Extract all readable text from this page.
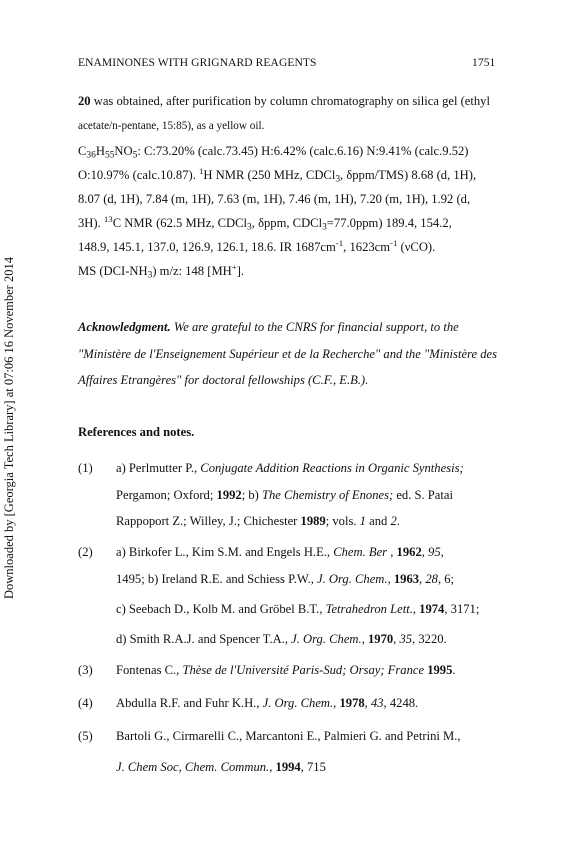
ENAMINONES WITH GRIGNARD REAGENTS	1751
Downloaded by [Georgia Tech Library] at 07:06 16 November 2014
20 was obtained, after purification by column chromatography on silica gel (ethyl
acetate/n-pentane, 15:85), as a yellow oil.
$C_{36}H_{55}NO_5$: C:73.20% (calc.73.45) H:6.42% (calc.6.16) N:9.41% (calc.9.52)
O:10.97% (calc.10.87). $^1$H NMR (250 MHz, CDCl$_3$, δppm/TMS) 8.68 (d, 1H),
8.07 (d, 1H), 7.84 (m, 1H), 7.63 (m, 1H), 7.46 (m, 1H), 7.20 (m, 1H), 1.92 (d,
3H). $^{13}$C NMR (62.5 MHz, CDCl$_3$, δppm, CDCl$_3$=77.0ppm) 189.4, 154.2,
148.9, 145.1, 137.0, 126.9, 126.1, 18.6. IR $1687cm^{-1}$, $1623cm^{-1}$ (νCO).
MS $(DCI-NH_3)$ m/z: 148 [MH+].
Acknowledgment. We are grateful to the CNRS for financial support, to the
"Ministère de l'Enseignement Supérieur et de la Recherche" and the "Ministère des
Affaires Etrangères" for doctoral fellowships (C.F., E.B.).
References and notes.
(1)	a) Perlmutter P., Conjugate Addition Reactions in Organic Synthesis;
Pergamon; Oxford; 1992; b) The Chemistry of Enones; ed. S. Patai
Rappoport Z.; Willey, J.; Chichester 1989; vols. 1 and 2.
(2)	a) Birkofer L., Kim S.M. and Engels H.E., Chem. Ber , 1962, 95,
1495; b) Ireland R.E. and Schiess P.W., J. Org. Chem., 1963, 28, 6;
c) Seebach D., Kolb M. and Gröbel B.T., Tetrahedron Lett., 1974, 3171;
d) Smith R.A.J. and Spencer T.A., J. Org. Chem., 1970, 35, 3220.
(3)	Fontenas C., Thèse de l'Université Paris-Sud; Orsay; France 1995.
(4)	Abdulla R.F. and Fuhr K.H., J. Org. Chem., 1978, 43, 4248.
(5)	Bartoli G., Cirmarelli C., Marcantoni E., Palmieri G. and Petrini M.,
J. Chem Soc, Chem. Commun., 1994, 715
